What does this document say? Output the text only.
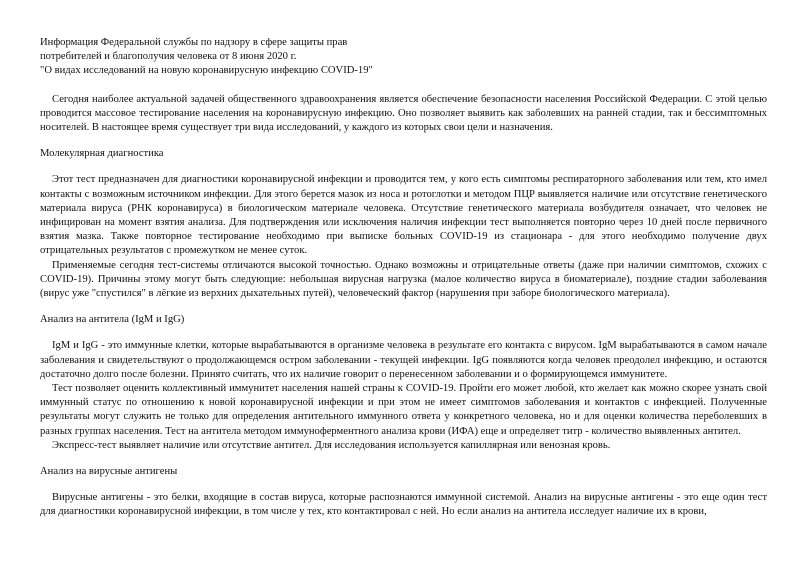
Информация Федеральной службы по надзору в сфере защиты прав

потребителей и благополучия человека от 8 июня 2020 г.

"О видах исследований на новую коронавирусную инфекцию COVID-19"

Сегодня наиболее актуальной задачей общественного здравоохранения является обеспечение безопасности населения Российской Федерации. С этой целью проводится массовое тестирование населения на коронавирусную инфекцию. Оно позволяет выявить как заболевших на ранней стадии, так и бессимптомных носителей. В настоящее время существует три вида исследований, у каждого из которых свои цели и назначения.

Молекулярная диагностика

Этот тест предназначен для диагностики коронавирусной инфекции и проводится тем, у кого есть симптомы респираторного заболевания или тем, кто имел контакты с возможным источником инфекции. Для этого берется мазок из носа и ротоглотки и методом ПЦР выявляется наличие или отсутствие генетического материала вируса (РНК коронавируса) в биологическом материале человека. Отсутствие генетического материала возбудителя означает, что человек не инфицирован на момент взятия анализа. Для подтверждения или исключения наличия инфекции тест выполняется повторно через 10 дней после первичного взятия мазка. Также повторное тестирование необходимо при выписке больных COVID-19 из стационара - для этого необходимо получение двух отрицательных результатов с промежутком не менее суток.

Применяемые сегодня тест-системы отличаются высокой точностью. Однако возможны и отрицательные ответы (даже при наличии симптомов, схожих с COVID-19). Причины этому могут быть следующие: небольшая вирусная нагрузка (малое количество вируса в биоматериале), поздние стадии заболевания (вирус уже "спустился" в лёгкие из верхних дыхательных путей), человеческий фактор (нарушения при заборе биологического материала).

Анализ на антитела (IgM и IgG)

IgM и IgG - это иммунные клетки, которые вырабатываются в организме человека в результате его контакта с вирусом. IgM вырабатываются в самом начале заболевания и свидетельствуют о продолжающемся остром заболевании - текущей инфекции. IgG появляются когда человек преодолел инфекцию, и остаются достаточно долго после болезни. Принято считать, что их наличие говорит о перенесенном заболевании и о формирующемся иммунитете.

Тест позволяет оценить коллективный иммунитет населения нашей страны к COVID-19. Пройти его может любой, кто желает как можно скорее узнать свой иммунный статус по отношению к новой коронавирусной инфекции и при этом не имеет симптомов заболевания и контактов с инфекцией. Полученные результаты могут служить не только для определения антительного иммунного ответа у конкретного человека, но и для оценки количества переболевших в разных группах населения. Тест на антитела методом иммуноферментного анализа крови (ИФА) еще и определяет титр - количество выявленных антител.

Экспресс-тест выявляет наличие или отсутствие антител. Для исследования используется капиллярная или венозная кровь.

Анализ на вирусные антигены

Вирусные антигены - это белки, входящие в состав вируса, которые распознаются иммунной системой. Анализ на вирусные антигены - это еще один тест для диагностики коронавирусной инфекции, в том числе у тех, кто контактировал с ней. Но если анализ на антитела исследует наличие их в крови,
